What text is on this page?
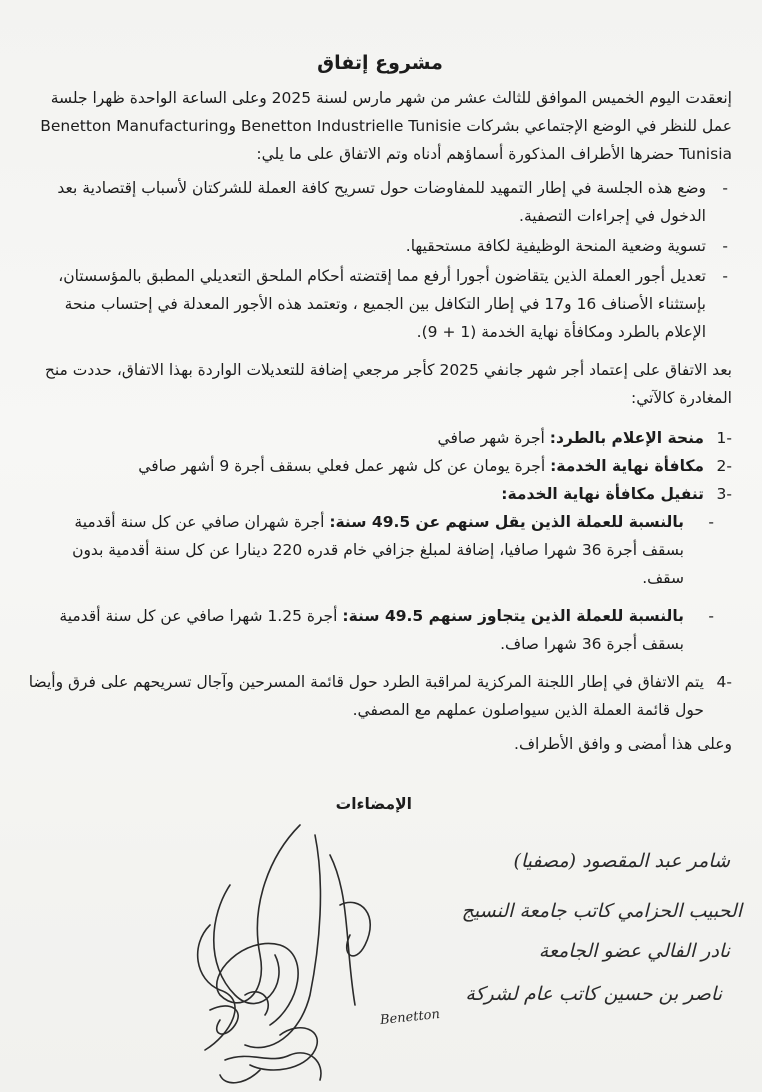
مشروع إتفاق

إنعقدت اليوم الخميس الموافق للثالث عشر من شهر مارس لسنة 2025 وعلى الساعة الواحدة ظهرا جلسة عمل للنظر في الوضع الإجتماعي بشركات Benetton Industrielle Tunisie وBenetton Manufacturing Tunisia حضرها الأطراف المذكورة أسماؤهم أدناه وتم الاتفاق على ما يلي:

- وضع هذه الجلسة في إطار التمهيد للمفاوضات حول تسريح كافة العملة للشركتان لأسباب إقتصادية بعد الدخول في إجراءات التصفية.
- تسوية وضعية المنحة الوظيفية لكافة مستحقيها.
- تعديل أجور العملة الذين يتقاضون أجورا أرفع مما إقتضته أحكام الملحق التعديلي المطبق بالمؤسستان، بإستثناء الأصناف 16 و17 في إطار التكافل بين الجميع ، وتعتمد هذه الأجور المعدلة في إحتساب منحة الإعلام بالطرد ومكافأة نهاية الخدمة (1 + 9).

بعد الاتفاق على إعتماد أجر شهر جانفي 2025 كأجر مرجعي إضافة للتعديلات الواردة بهذا الاتفاق، حددت منح المغادرة كالآتي:

-1
منحة الإعلام بالطرد: أجرة شهر صافي
-2
مكافأة نهاية الخدمة: أجرة يومان عن كل شهر عمل فعلي بسقف أجرة 9 أشهر صافي
-3
تنفيل مكافأة نهاية الخدمة:
- بالنسبة للعملة الذين يقل سنهم عن 49.5 سنة: أجرة شهران صافي عن كل سنة أقدمية بسقف أجرة 36 شهرا صافيا، إضافة لمبلغ جزافي خام قدره 220 دينارا عن كل سنة أقدمية بدون سقف.
- بالنسبة للعملة الذين يتجاوز سنهم 49.5 سنة: أجرة 1.25 شهرا صافي عن كل سنة أقدمية بسقف أجرة 36 شهرا صاف.
-4
يتم الاتفاق في إطار اللجنة المركزية لمراقبة الطرد حول قائمة المسرحين وآجال تسريحهم على فرق وأيضا حول قائمة العملة الذين سيواصلون عملهم مع المصفي.

وعلى هذا أمضى و وافق الأطراف.

الإمضاءات
شامر عبد المقصود (مصفيا)
الحبيب الحزامي كاتب جامعة النسيج
نادر الفالي عضو الجامعة
ناصر بن حسين كاتب عام لشركة
Benetton
